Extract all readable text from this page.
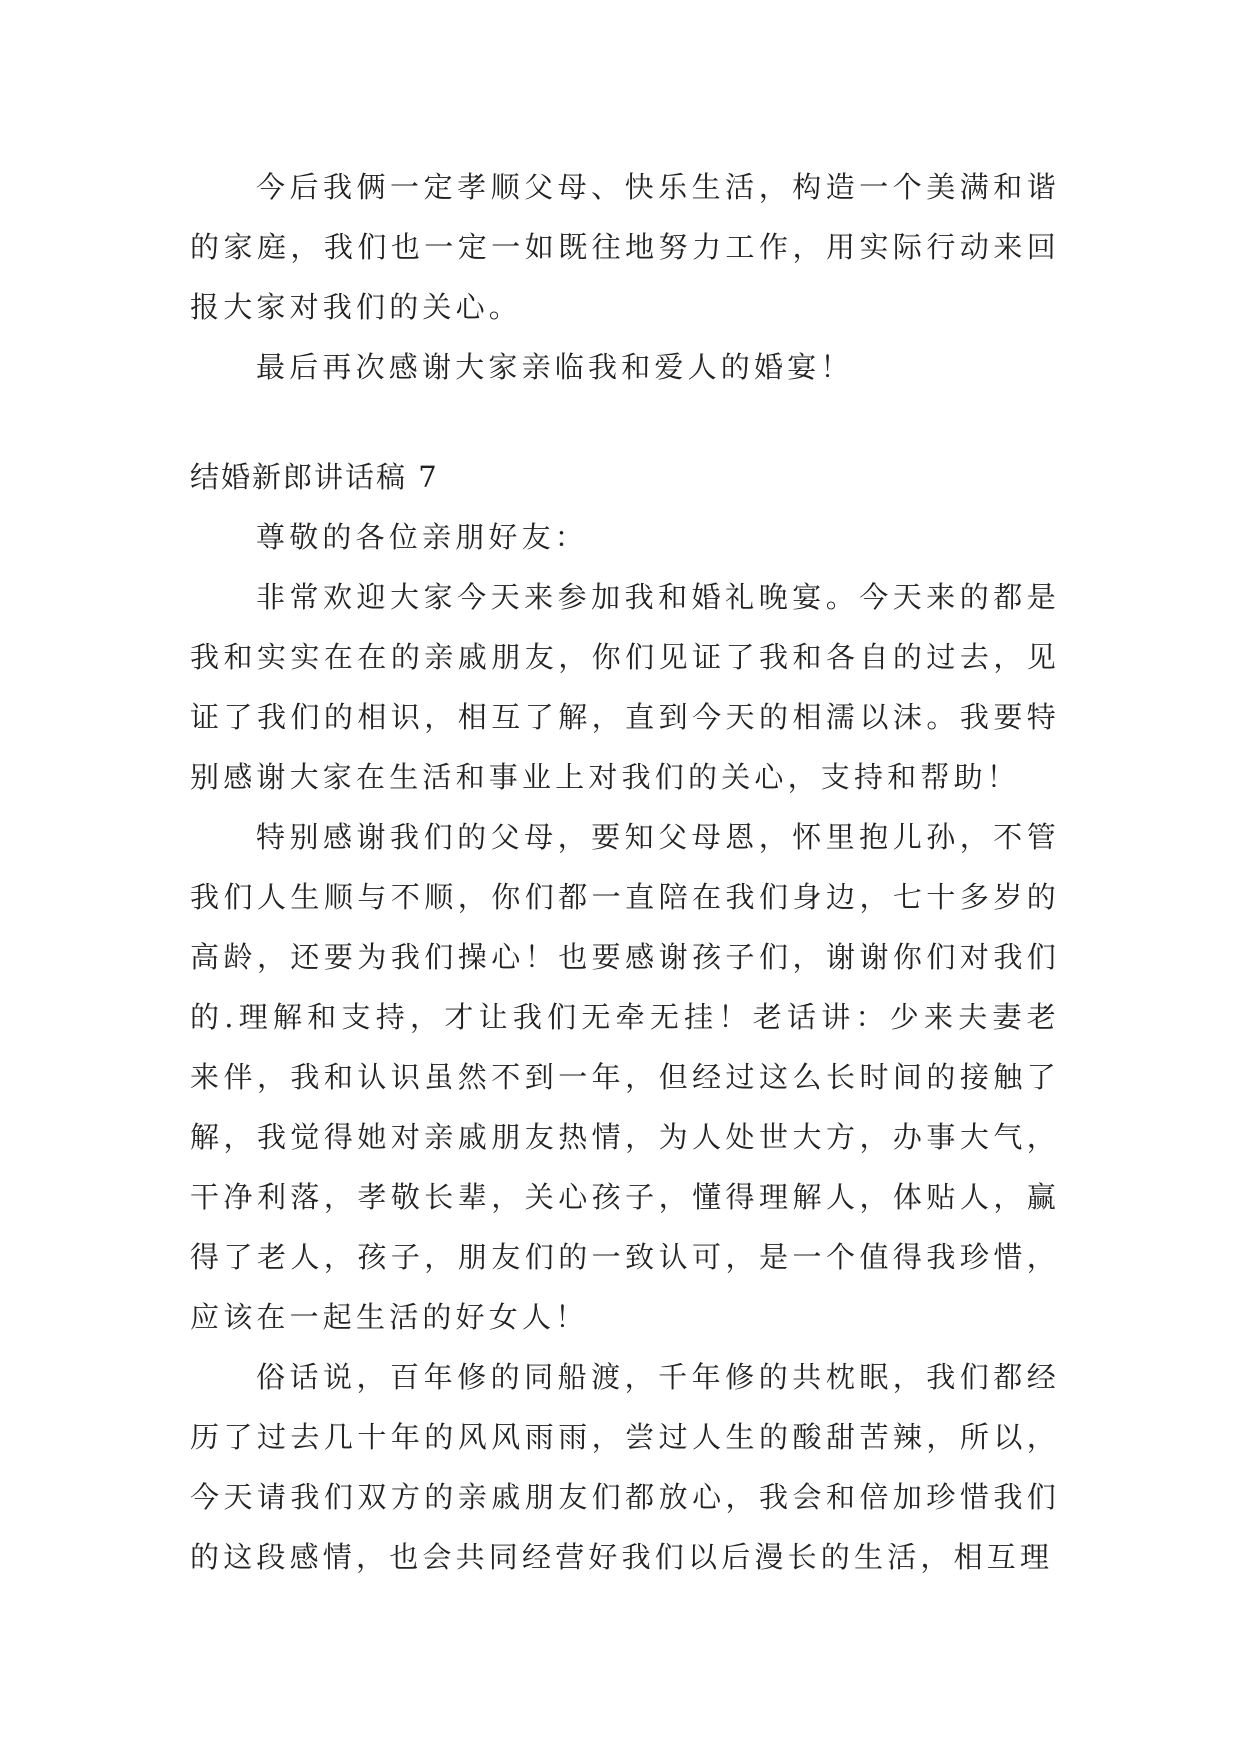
今后我俩一定孝顺父母、快乐生活，构造一个美满和谐的家庭，我们也一定一如既往地努力工作，用实际行动来回报大家对我们的关心。

最后再次感谢大家亲临我和爱人的婚宴！

结婚新郎讲话稿 7

尊敬的各位亲朋好友：

非常欢迎大家今天来参加我和婚礼晚宴。今天来的都是我和实实在在的亲戚朋友，你们见证了我和各自的过去，见证了我们的相识，相互了解，直到今天的相濡以沫。我要特别感谢大家在生活和事业上对我们的关心，支持和帮助！

特别感谢我们的父母，要知父母恩，怀里抱儿孙，不管我们人生顺与不顺，你们都一直陪在我们身边，七十多岁的高龄，还要为我们操心！也要感谢孩子们，谢谢你们对我们的.理解和支持，才让我们无牵无挂！老话讲：少来夫妻老来伴，我和认识虽然不到一年，但经过这么长时间的接触了解，我觉得她对亲戚朋友热情，为人处世大方，办事大气，干净利落，孝敬长辈，关心孩子，懂得理解人，体贴人，赢得了老人，孩子，朋友们的一致认可，是一个值得我珍惜，应该在一起生活的好女人！

俗话说，百年修的同船渡，千年修的共枕眠，我们都经历了过去几十年的风风雨雨，尝过人生的酸甜苦辣，所以，今天请我们双方的亲戚朋友们都放心，我会和倍加珍惜我们的这段感情，也会共同经营好我们以后漫长的生活，相互理
